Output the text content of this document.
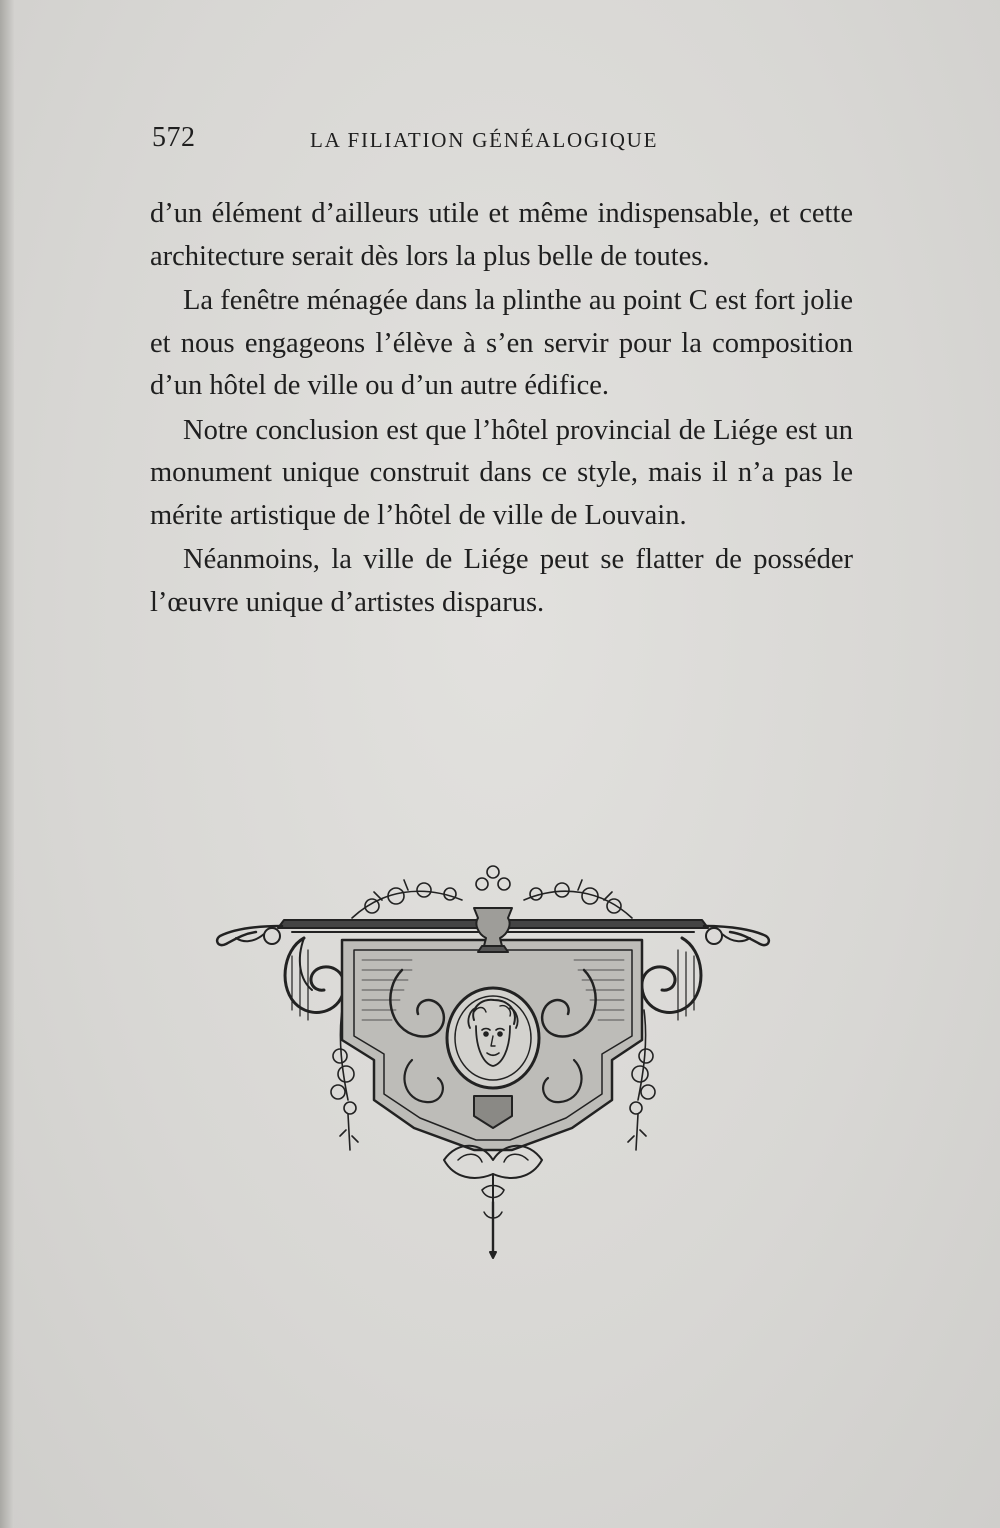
572	LA FILIATION GÉNÉALOGIQUE

d’un élément d’ailleurs utile et même indispensable, et cette architecture serait dès lors la plus belle de toutes.

La fenêtre ménagée dans la plinthe au point C est fort jolie et nous engageons l’élève à s’en servir pour la composition d’un hôtel de ville ou d’un autre édifice.

Notre conclusion est que l’hôtel provincial de Liége est un monument unique construit dans ce style, mais il n’a pas le mérite artistique de l’hôtel de ville de Louvain.

Néanmoins, la ville de Liége peut se flatter de posséder l’œuvre unique d’artistes disparus.
